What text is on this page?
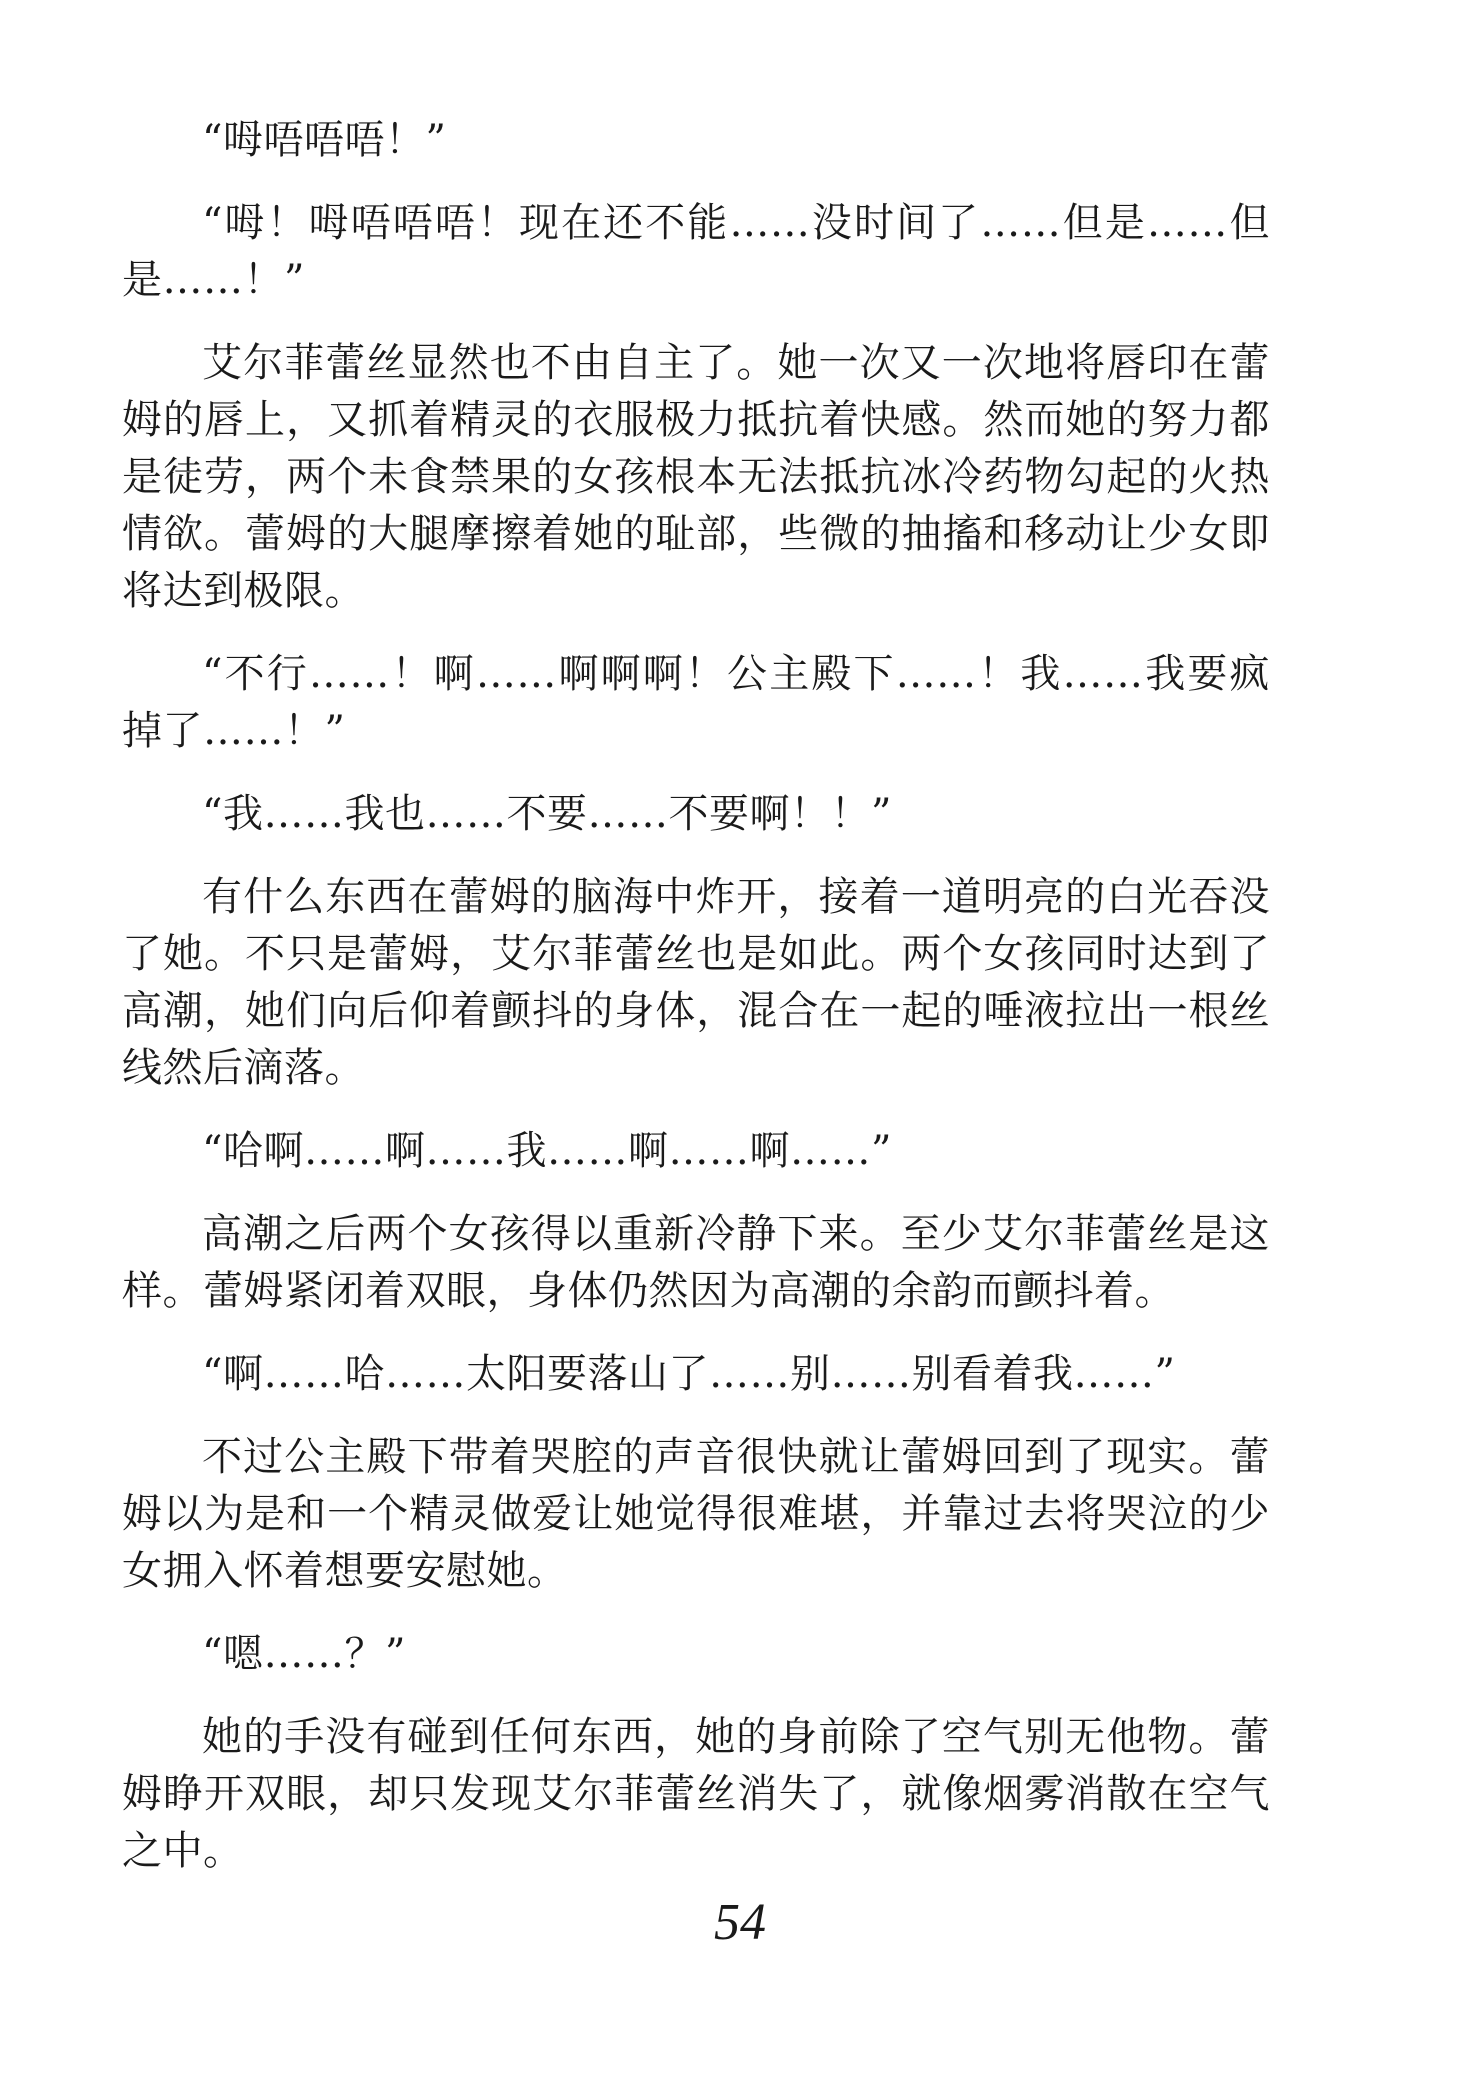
“呣唔唔唔！”

“呣！呣唔唔唔！现在还不能……没时间了……但是……但是……！”

艾尔菲蕾丝显然也不由自主了。她一次又一次地将唇印在蕾姆的唇上，又抓着精灵的衣服极力抵抗着快感。然而她的努力都是徒劳，两个未食禁果的女孩根本无法抵抗冰冷药物勾起的火热情欲。蕾姆的大腿摩擦着她的耻部，些微的抽搐和移动让少女即将达到极限。

“不行……！啊……啊啊啊！公主殿下……！我……我要疯掉了……！”

“我……我也……不要……不要啊！！”

有什么东西在蕾姆的脑海中炸开，接着一道明亮的白光吞没了她。不只是蕾姆，艾尔菲蕾丝也是如此。两个女孩同时达到了高潮，她们向后仰着颤抖的身体，混合在一起的唾液拉出一根丝线然后滴落。

“哈啊……啊……我……啊……啊……”

高潮之后两个女孩得以重新冷静下来。至少艾尔菲蕾丝是这样。蕾姆紧闭着双眼，身体仍然因为高潮的余韵而颤抖着。

“啊……哈……太阳要落山了……别……别看着我……”

不过公主殿下带着哭腔的声音很快就让蕾姆回到了现实。蕾姆以为是和一个精灵做爱让她觉得很难堪，并靠过去将哭泣的少女拥入怀着想要安慰她。

“嗯……？”

她的手没有碰到任何东西，她的身前除了空气别无他物。蕾姆睁开双眼，却只发现艾尔菲蕾丝消失了，就像烟雾消散在空气之中。

54
